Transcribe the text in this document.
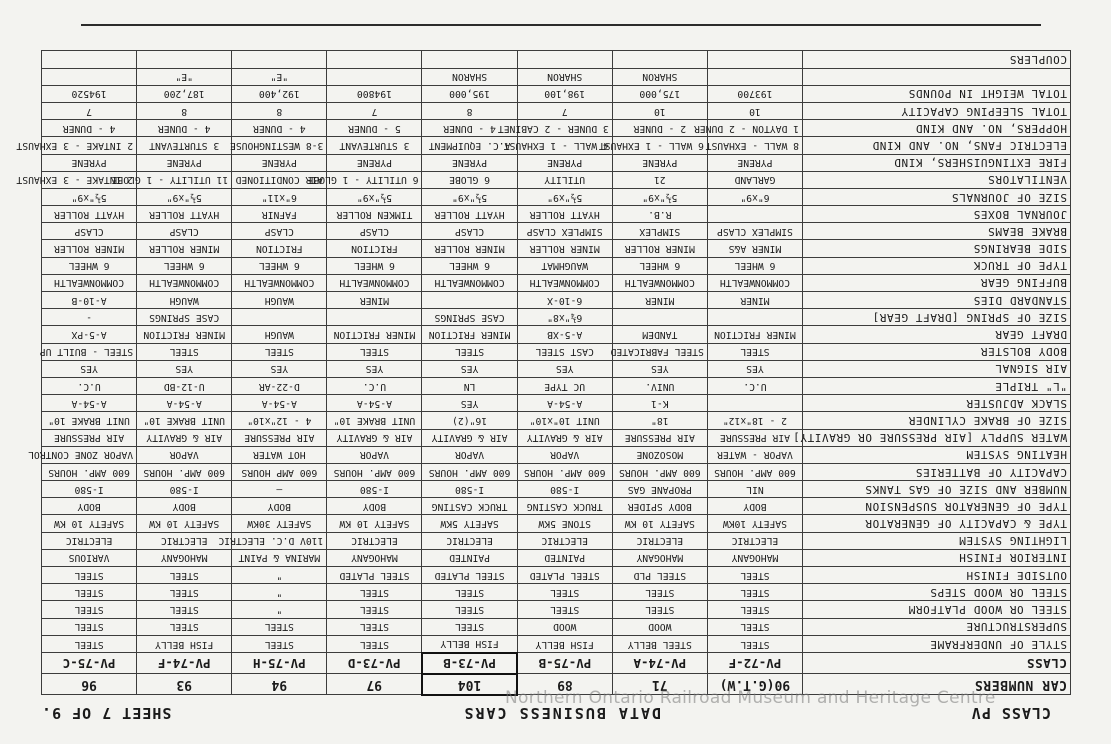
CLASS PV
DATA BUSINESS CARS
SHEET 7 OF 9.
CAR NUMBERS	90(G.T.W)	71	89	104	97	94	93	96
CLASS	PV-72-F	PV-74-A	PV-75-B	PV-73-B	PV-73-D	PV-75-H	PV-74-F	PV-75-C
STYLE OF UNDERFRAME	STEEL	STEEL BELLY	FISH BELLY	FISH BELLY	STEEL	STEEL	FISH BELLY	STEEL
SUPERSTRUCTURE	STEEL	WOOD	WOOD	STEEL	STEEL	STEEL	STEEL	STEEL
STEEL OR WOOD PLATFORM	STEEL	STEEL	STEEL	STEEL	STEEL	"	STEEL	STEEL
STEEL OR WOOD STEPS	STEEL	STEEL	STEEL	STEEL	STEEL	"	STEEL	STEEL
OUTSIDE FINISH	STEEL	STEEL PLD	STEEL PLATED	STEEL PLATED	STEEL PLATED	"	STEEL	STEEL
INTERIOR FINISH	MAHOGANY	MAHOGANY	PAINTED	PAINTED	MAHOGANY	MARINA & PAINT	MAHOGANY	VARIOUS
LIGHTING SYSTEM	ELECTRIC	ELECTRIC	ELECTRIC	ELECTRIC	ELECTRIC	110V D.C. ELECTRIC	ELECTRIC	ELECTRIC
TYPE & CAPACITY OF GENERATOR	SAFETY 10KW	SAFETY 10 KW	STONE 5KW	SAFETY 5KW	SAFETY 10 KW	SAFETY 30KW	SAFETY 10 KW	SAFETY 10 KW
TYPE OF GENERATOR SUSPENSION	BODY	BODY SPIDER	TRUCK CASTING	TRUCK CASTING	BODY	BODY	BODY	BODY
NUMBER AND SIZE OF GAS TANKS	NIL	PROPANE GAS	I-580	I-580	I-580	—	I-580	I-580
CAPACITY OF BATTERIES	600 AMP. HOURS	600 AMP. HOURS	600 AMP. HOURS	600 AMP. HOURS	600 AMP. HOURS	600 AMP HOURS	600 AMP. HOURS	600 AMP. HOURS
HEATING SYSTEM	VAPOR - WATER	MOSOZONE	VAPOR	VAPOR	VAPOR	HOT WATER	VAPOR	VAPOR ZONE CONTROL
WATER SUPPLY [AIR PRESSURE OR GRAVITY]	AIR PRESSURE	AIR PRESSURE	AIR & GRAVITY	AIR & GRAVITY	AIR & GRAVITY	AIR PRESSURE	AIR & GRAVITY	AIR PRESSURE
SIZE OF BRAKE CYLINDER	2 - 18"x12"	18"	UNIT 10"x10"	16"(2)	UNIT BRAKE 10"	4 - 12"x10"	UNIT BRAKE 10"	UNIT BRAKE 10"
SLACK ADJUSTER		K-1	A-54-A	YES	A-54-A	A-54-A	A-54-A	A-54-A
"L" TRIPLE	U.C.	UNIV.	UC TYPE	LN	U.C.	D-22-AR	U-12-BD	U.C.
AIR SIGNAL	YES	YES	YES	YES	YES	YES	YES	YES
BODY BOLSTER	STEEL	STEEL FABRICATED	CAST STEEL	STEEL	STEEL	STEEL	STEEL	STEEL - BUILT UP
DRAFT GEAR	MINER FRICTION	TANDEM	A-5-XB	MINER FRICTION	MINER FRICTION	WAUGH	MINER FRICTION	A-5-PX
SIZE OF SPRING [DRAFT GEAR]			6¼"x8"	CASE SPRINGS			CASE SPRINGS	-
STANDARD DIES	MINER	MINER	6-10-X		MINER	WAUGH	WAUGH	A-10-B
BUFFING GEAR	COMMONWEALTH	COMMONWEALTH	COMMONWEALTH	COMMONWEALTH	COMMONWEALTH	COMMONWEALTH	COMMONWEALTH	COMMONWEALTH
TYPE OF TRUCK	6 WHEEL	6 WHEEL	WAUGHMAT	6 WHEEL	6 WHEEL	6 WHEEL	6 WHEEL	6 WHEEL
SIDE BEARINGS	MINER A&S	MINER ROLLER	MINER ROLLER	MINER ROLLER	FRICTION	FRICTION	MINER ROLLER	MINER ROLLER
BRAKE BEAMS	SIMPLEX CLASP	SIMPLEX	SIMPLEX CLASP	CLASP	CLASP	CLASP	CLASP	CLASP
JOURNAL BOXES		R.B.	HYATT ROLLER	HYATT ROLLER	TIMKEN ROLLER	FAFNIR	HYATT ROLLER	HYATT ROLLER
SIZE OF JOURNALS	6"x9"	5½"x9"	5½"x9"	5½"x9"	5½"x9"	6"x11"	5½"x9"	5½"x9"
VENTILATORS	GARLAND	21	UTILITY	6 GLOBE	6 UTILITY - 1 GLOBE	AIR CONDITIONED	11 UTILITY - 1 GLOBE	2 INTAKE - 3 EXHAUST
FIRE EXTINGUISHERS, KIND	PYRENE	PYRENE	PYRENE	PYRENE	PYRENE	PYRENE	PYRENE	PYRENE
ELECTRIC FANS, NO. AND KIND	8 WALL - EXHAUST	6 WALL - 1 EXHAUST	4 WALL - 1 EXHAUST	A.C. EQUIPMENT	3 STURTEVANT	3-8 WESTINGHOUSE	3 STURTEVANT	2 INTAKE - 3 EXHAUST
HOPPERS, NO. AND KIND	1 DAYTON - 2 DUNER	2 - DUNER	3 DUNER - 2 CABINET	4 - DUNER	5 - DUNER	4 - DUNER	4 - DUNER	4 - DUNER
TOTAL SLEEPING CAPACITY	10	10	7	8	7	8	8	7
TOTAL WEIGHT IN POUNDS	193700	175,000	198,100	195,000	194800	192,400	187,200	194520
		SHARON	SHARON	SHARON		"E"	"E"	
COUPLERS								
Northern Ontario Railroad Museum and Heritage Centre
